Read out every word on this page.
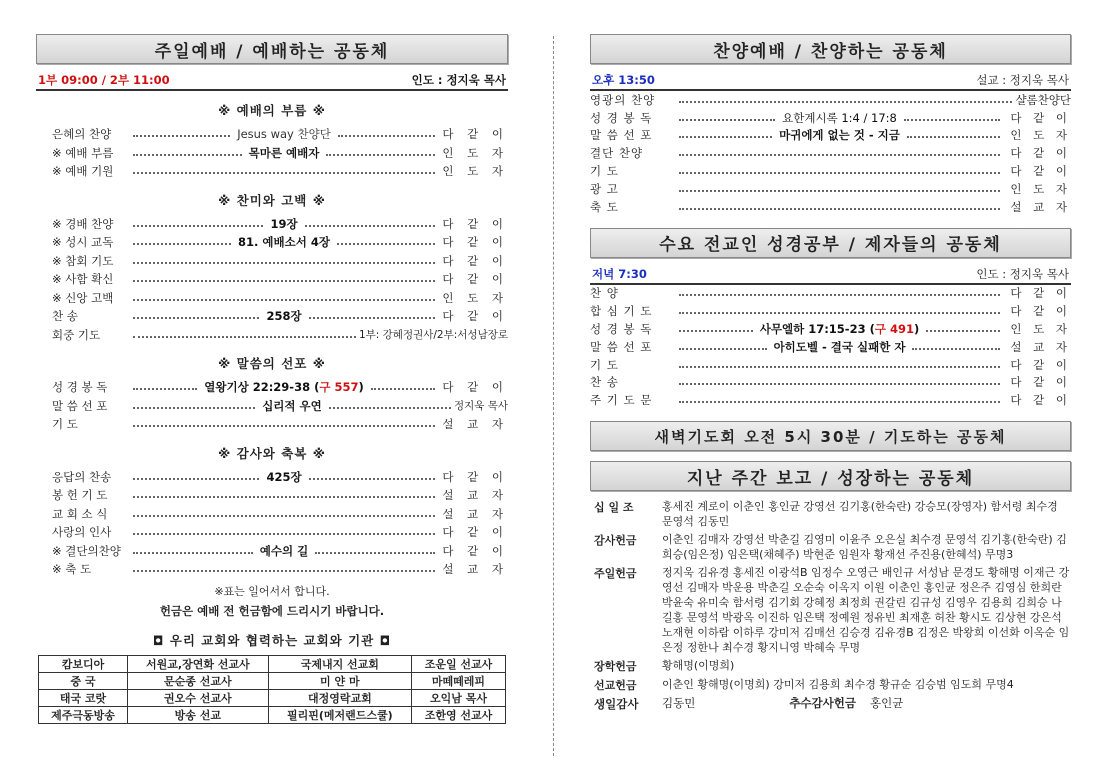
주일예배 / 예배하는 공동체
1부 09:00 / 2부 11:00	인도 : 정지욱 목사
※ 예배의 부름 ※
은혜의 찬양	Jesus way 찬양단	다 같 이
※ 예배 부름	목마른 예배자	인 도 자
※ 예배 기원	인 도 자
※ 찬미와 고백 ※
※ 경배 찬양	19장	다 같 이
※ 성시 교독	81. 예배소서 4장	다 같 이
※ 참회 기도	다 같 이
※ 사함 확신	다 같 이
※ 신앙 고백	인 도 자
찬 송	258장	다 같 이
회중 기도	1부: 강혜정권사/2부:서성남장로
※ 말씀의 선포 ※
성 경 봉 독	열왕기상 22:29-38 (구 557)	다 같 이
말 씀 선 포	십리적 우연	정지욱 목사
기 도	설 교 자
※ 감사와 축복 ※
응답의 찬송	425장	다 같 이
봉 헌 기 도	설 교 자
교 회 소 식	설 교 자
사랑의 인사	다 같 이
※ 결단의찬양	예수의 길	다 같 이
※ 축 도	설 교 자
※표는 일어서서 합니다.
헌금은 예배 전 헌금함에 드리시기 바랍니다.
◘ 우리 교회와 협력하는 교회와 기관 ◘
캄보디아	서원교,장연화 선교사	국제내지 선교회	조운일 선교사
중 국	문순종 선교사	미 얀 마	마떼떼레피
태국 코랏	권오수 선교사	대정영락교회	오익남 목사
제주극동방송	방송 선교	필리핀(메저랜드스쿨)	조한영 선교사
찬양예배 / 찬양하는 공동체
오후 13:50	설교 : 정지욱 목사
영광의 찬양	샬롬찬양단
성 경 봉 독	요한계시록 1:4 / 17:8	다 같 이
말 씀 선 포	마귀에게 없는 것 - 지금	인 도 자
결단 찬양	다 같 이
기 도	다 같 이
광 고	인 도 자
축 도	설 교 자
수요 전교인 성경공부 / 제자들의 공동체
저녁 7:30	인도 : 정지욱 목사
찬 양	다 같 이
합 심 기 도	다 같 이
성 경 봉 독	사무엘하 17:15-23 (구 491)	인 도 자
말 씀 선 포	아히도벨 - 결국 실패한 자	설 교 자
기 도	다 같 이
찬 송	다 같 이
주 기 도 문	다 같 이
새벽기도회 오전 5시 30분 / 기도하는 공동체
지난 주간 보고 / 성장하는 공동체
십 일 조	홍세진 계로이 이춘인 홍인균 강영선 김기홍(한숙란) 강승모(장영자) 함서령 최수경 문영석 김동민
감사헌금	이춘인 김매자 강영선 박춘길 김영미 이윤주 오은실 최수경 문영석 김기홍(한숙란) 김희승(임은정) 임은택(채혜주) 박현준 임원자 황재선 주진용(한혜석) 무명3
주일헌금	정지욱 김유경 홍세진 이광석B 임정수 오영근 배인규 서성남 문경도 황해명 이재근 강영선 김매자 박운용 박춘길 오순숙 이옥지 이원 이춘인 홍인균 정은주 김영심 한희란 박윤숙 유미숙 함서령 김기회 강혜정 최정희 권갈린 김규성 김영우 김용희 김희승 나길홍 문영석 박광옥 이진하 임은택 정예원 정유빈 최재훈 허찬 황시도 김상현 강은석 노재현 이하람 이하루 강미저 김매선 김승경 김유경B 김정은 박왕희 이선화 이옥순 임은정 정한나 최수경 황지니영 박혜숙 무명
장학헌금	황해명(이명희)
선교헌금	이춘인 황해명(이명희) 강미저 김용희 최수경 황규순 김승범 임도희 무명4
생일감사	김동민	추수감사헌금 홍인균
